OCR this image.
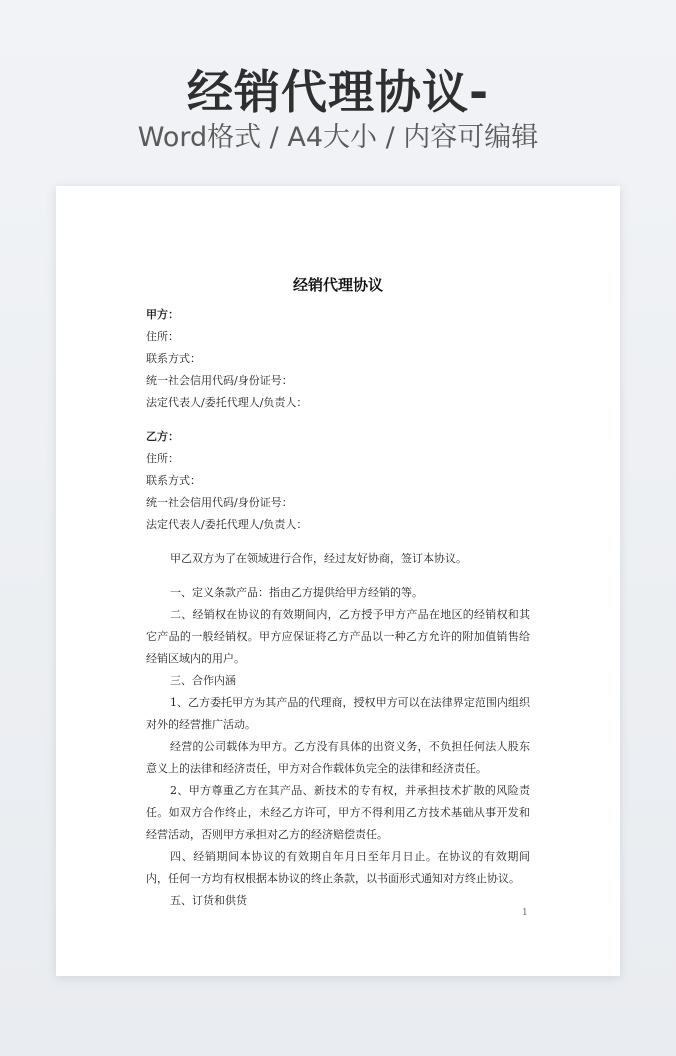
经销代理协议-
Word格式 / A4大小 / 内容可编辑
经销代理协议
甲方：
住所：
联系方式：
统一社会信用代码/身份证号：
法定代表人/委托代理人/负责人：
乙方：
住所：
联系方式：
统一社会信用代码/身份证号：
法定代表人/委托代理人/负责人：
甲乙双方为了在领域进行合作，经过友好协商，签订本协议。
一、定义条款产品：指由乙方提供给甲方经销的等。
二、经销权在协议的有效期间内，乙方授予甲方产品在地区的经销权和其它产品的一般经销权。甲方应保证将乙方产品以一种乙方允许的附加值销售给经销区域内的用户。
三、合作内涵
1、乙方委托甲方为其产品的代理商，授权甲方可以在法律界定范围内组织对外的经营推广活动。
经营的公司载体为甲方。乙方没有具体的出资义务，不负担任何法人股东意义上的法律和经济责任，甲方对合作载体负完全的法律和经济责任。
2、甲方尊重乙方在其产品、新技术的专有权，并承担技术扩散的风险责任。如双方合作终止，未经乙方许可，甲方不得利用乙方技术基础从事开发和经营活动，否则甲方承担对乙方的经济赔偿责任。
四、经销期间本协议的有效期自年月日至年月日止。在协议的有效期间内，任何一方均有权根据本协议的终止条款，以书面形式通知对方终止协议。
五、订货和供货
1
